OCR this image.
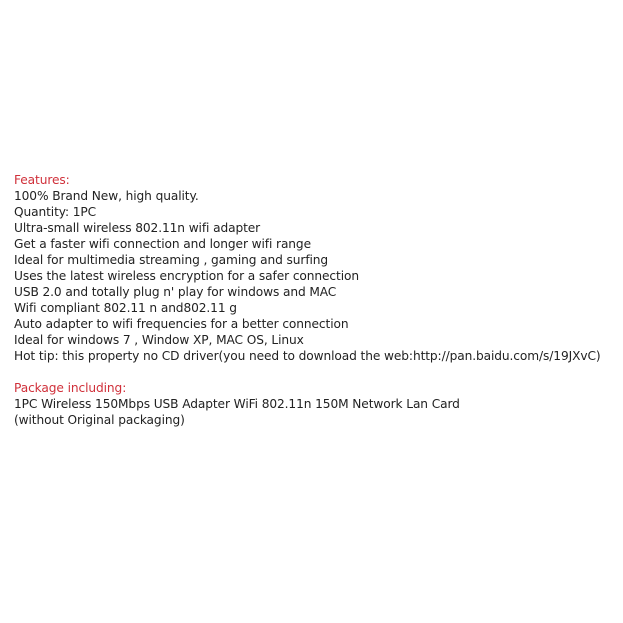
Features:
100% Brand New, high quality.
Quantity: 1PC
Ultra-small wireless 802.11n wifi adapter
Get a faster wifi connection and longer wifi range
Ideal for multimedia streaming , gaming and surfing
Uses the latest wireless encryption for a safer connection
USB 2.0 and totally plug n' play for windows and MAC
Wifi compliant 802.11 n and802.11 g
Auto adapter to wifi frequencies for a better connection
Ideal for windows 7 , Window XP, MAC OS, Linux
Hot tip: this property no CD driver(you need to download the web:http://pan.baidu.com/s/19JXvC)
Package including:
1PC Wireless 150Mbps USB Adapter WiFi 802.11n 150M Network Lan Card
(without Original packaging)
